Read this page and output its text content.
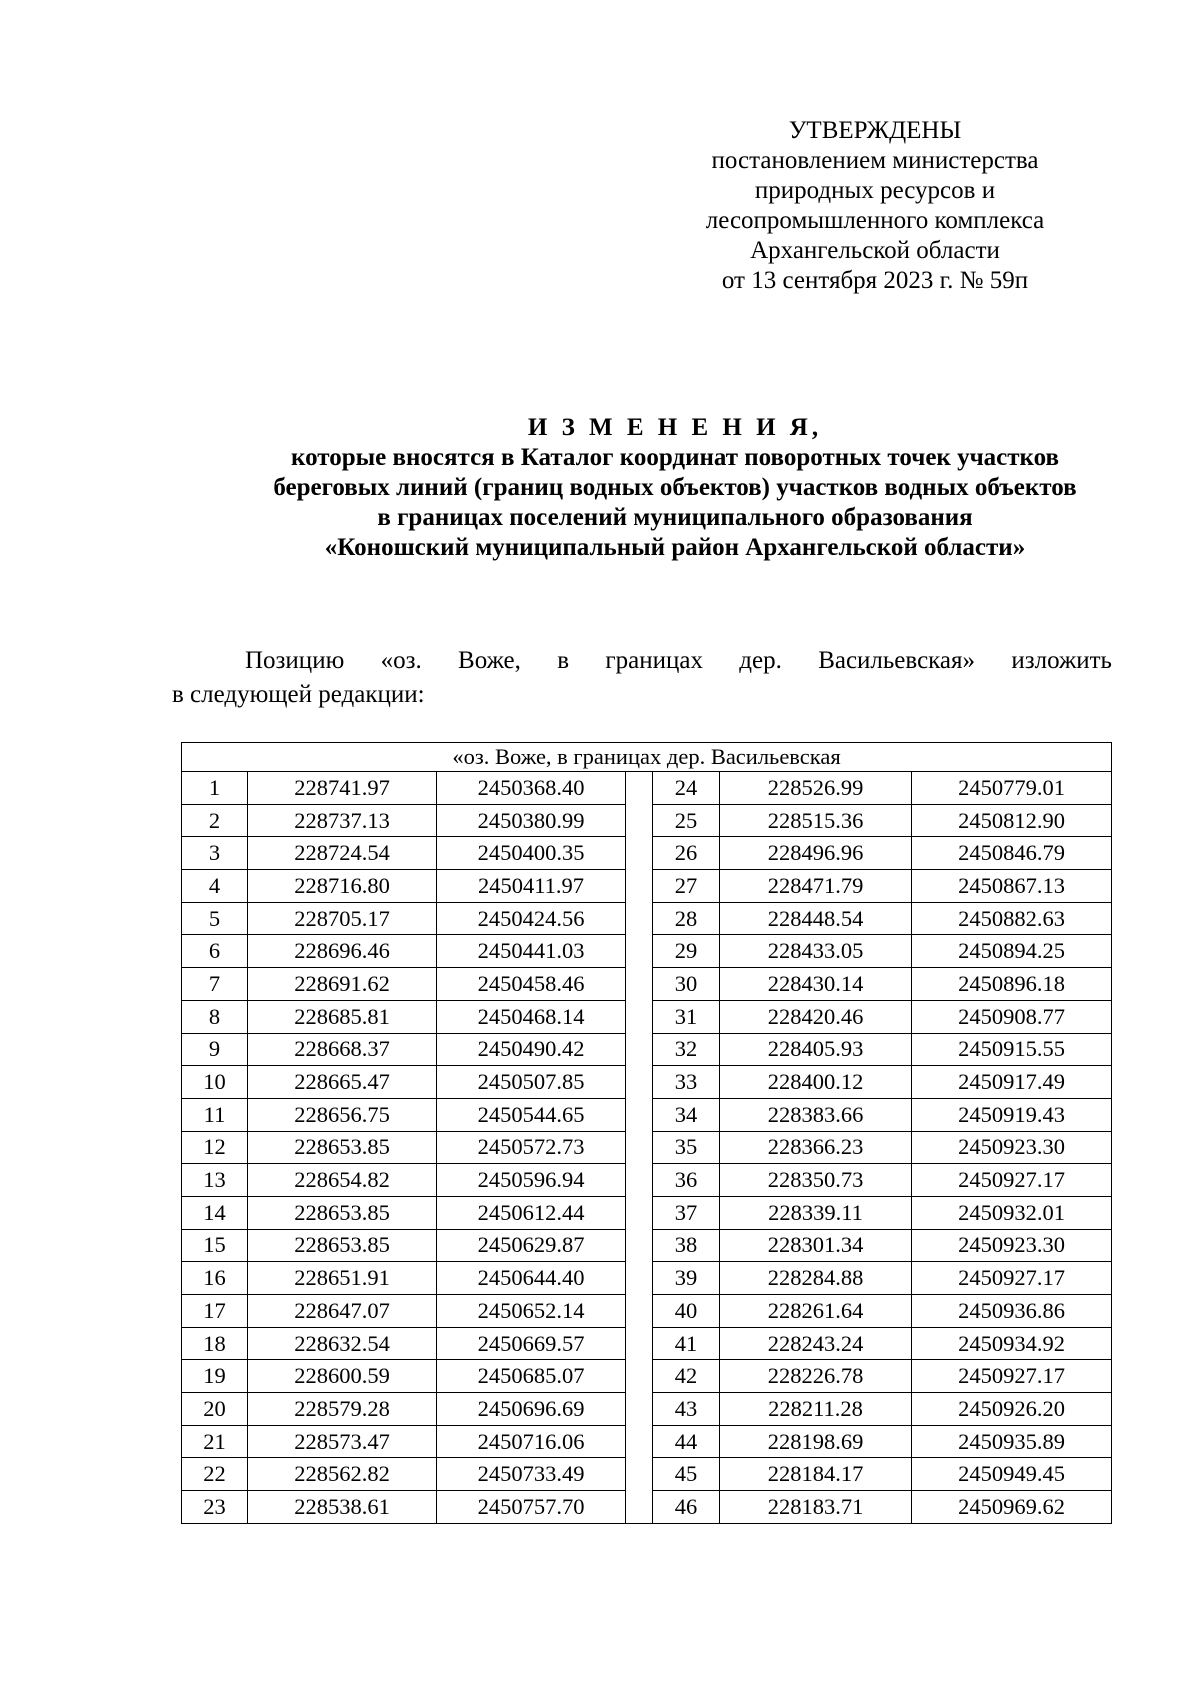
УТВЕРЖДЕНЫ
постановлением министерства
природных ресурсов и
лесопромышленного комплекса
Архангельской области
от 13 сентября 2023 г. № 59п
И З М Е Н Е Н И Я,
которые вносятся в Каталог координат поворотных точек участков
береговых линий (границ водных объектов) участков водных объектов
в границах поселений муниципального образования
«Коношский муниципальный район Архангельской области»
Позицию «оз. Воже, в границах дер. Васильевская» изложить
в следующей редакции:
«оз. Воже, в границах дер. Васильевская						
1	228741.97	2450368.40		24	228526.99	2450779.01
2	228737.13	2450380.99		25	228515.36	2450812.90
3	228724.54	2450400.35		26	228496.96	2450846.79
4	228716.80	2450411.97		27	228471.79	2450867.13
5	228705.17	2450424.56		28	228448.54	2450882.63
6	228696.46	2450441.03		29	228433.05	2450894.25
7	228691.62	2450458.46		30	228430.14	2450896.18
8	228685.81	2450468.14		31	228420.46	2450908.77
9	228668.37	2450490.42		32	228405.93	2450915.55
10	228665.47	2450507.85		33	228400.12	2450917.49
11	228656.75	2450544.65		34	228383.66	2450919.43
12	228653.85	2450572.73		35	228366.23	2450923.30
13	228654.82	2450596.94		36	228350.73	2450927.17
14	228653.85	2450612.44		37	228339.11	2450932.01
15	228653.85	2450629.87		38	228301.34	2450923.30
16	228651.91	2450644.40		39	228284.88	2450927.17
17	228647.07	2450652.14		40	228261.64	2450936.86
18	228632.54	2450669.57		41	228243.24	2450934.92
19	228600.59	2450685.07		42	228226.78	2450927.17
20	228579.28	2450696.69		43	228211.28	2450926.20
21	228573.47	2450716.06		44	228198.69	2450935.89
22	228562.82	2450733.49		45	228184.17	2450949.45
23	228538.61	2450757.70		46	228183.71	2450969.62
